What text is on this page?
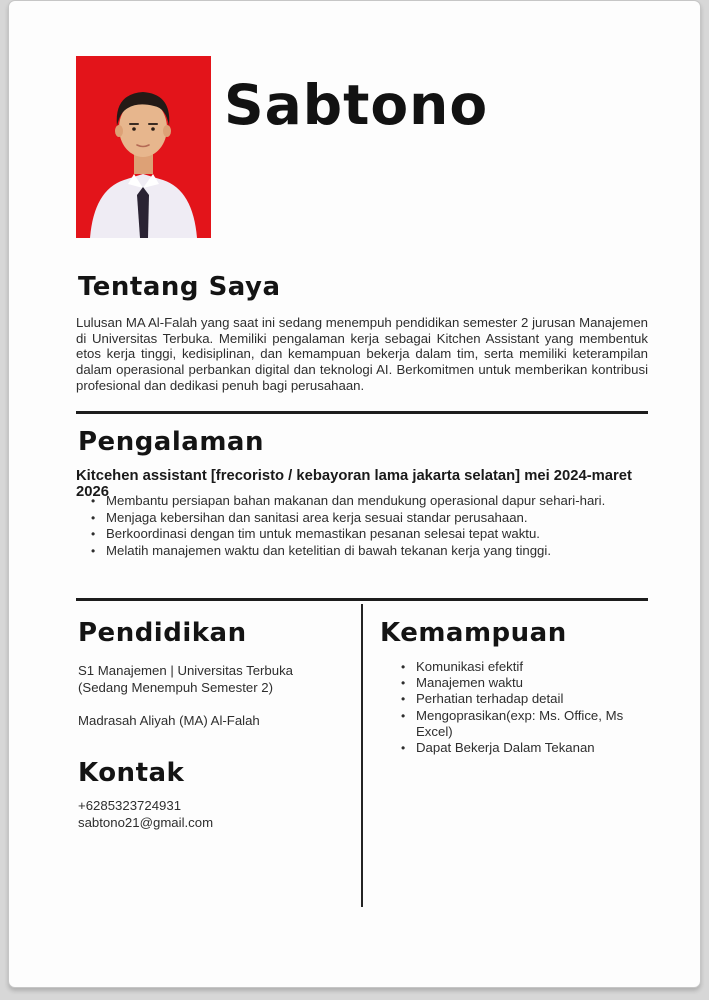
Sabtono
Tentang Saya
Lulusan MA Al-Falah yang saat ini sedang menempuh pendidikan semester 2 jurusan Manajemen di Universitas Terbuka. Memiliki pengalaman kerja sebagai Kitchen Assistant yang membentuk etos kerja tinggi, kedisiplinan, dan kemampuan bekerja dalam tim, serta memiliki keterampilan dalam operasional perbankan digital dan teknologi AI. Berkomitmen untuk memberikan kontribusi profesional dan dedikasi penuh bagi perusahaan.
Pengalaman
Kitcehen assistant [frecoristo / kebayoran lama jakarta selatan] mei 2024-maret 2026
• Membantu persiapan bahan makanan dan mendukung operasional dapur sehari-hari.
• Menjaga kebersihan dan sanitasi area kerja sesuai standar perusahaan.
• Berkoordinasi dengan tim untuk memastikan pesanan selesai tepat waktu.
• Melatih manajemen waktu dan ketelitian di bawah tekanan kerja yang tinggi.
Pendidikan
S1 Manajemen | Universitas Terbuka
(Sedang Menempuh Semester 2)
Madrasah Aliyah (MA) Al-Falah
Kontak
+6285323724931
sabtono21@gmail.com
Kemampuan
• Komunikasi efektif
• Manajemen waktu
• Perhatian terhadap detail
• Mengoprasikan(exp: Ms. Office, Ms Excel)
• Dapat Bekerja Dalam Tekanan
